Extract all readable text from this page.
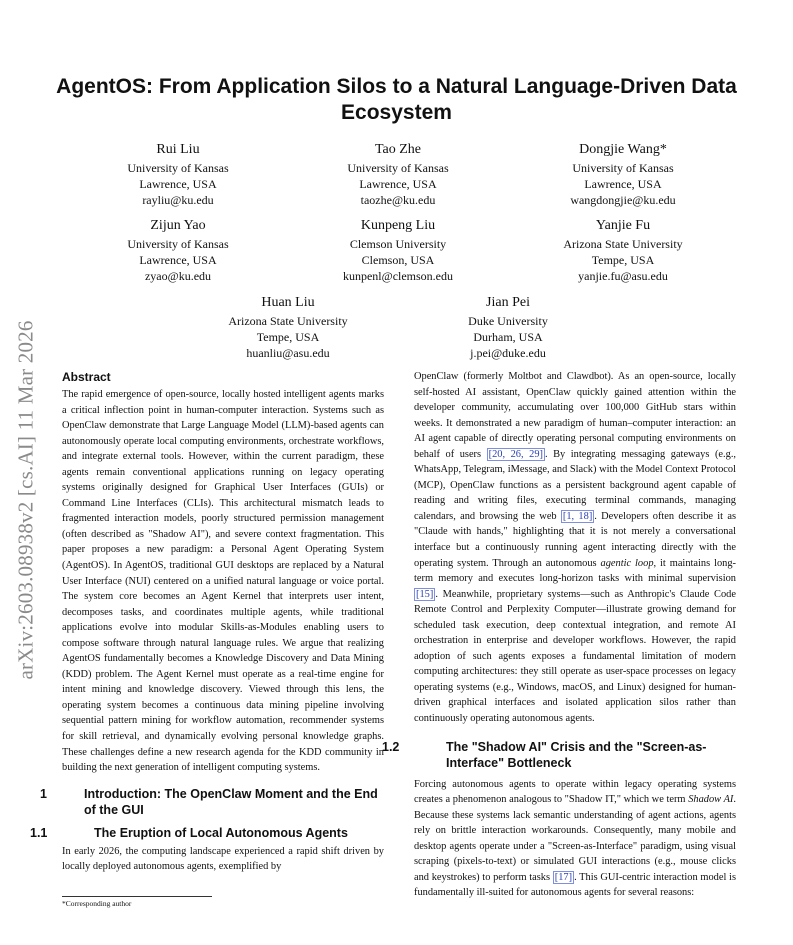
arXiv:2603.08938v2 [cs.AI] 11 Mar 2026
AgentOS: From Application Silos to a Natural Language-Driven Data Ecosystem
Rui Liu
University of Kansas
Lawrence, USA
rayliu@ku.edu
Tao Zhe
University of Kansas
Lawrence, USA
taozhe@ku.edu
Dongjie Wang*
University of Kansas
Lawrence, USA
wangdongjie@ku.edu
Zijun Yao
University of Kansas
Lawrence, USA
zyao@ku.edu
Kunpeng Liu
Clemson University
Clemson, USA
kunpenl@clemson.edu
Yanjie Fu
Arizona State University
Tempe, USA
yanjie.fu@asu.edu
Huan Liu
Arizona State University
Tempe, USA
huanliu@asu.edu
Jian Pei
Duke University
Durham, USA
j.pei@duke.edu
Abstract

The rapid emergence of open-source, locally hosted intelligent agents marks a critical inflection point in human-computer interaction. Systems such as OpenClaw demonstrate that Large Language Model (LLM)-based agents can autonomously operate local computing environments, orchestrate workflows, and integrate external tools. However, within the current paradigm, these agents remain conventional applications running on legacy operating systems originally designed for Graphical User Interfaces (GUIs) or Command Line Interfaces (CLIs). This architectural mismatch leads to fragmented interaction models, poorly structured permission management (often described as "Shadow AI"), and severe context fragmentation. This paper proposes a new paradigm: a Personal Agent Operating System (AgentOS). In AgentOS, traditional GUI desktops are replaced by a Natural User Interface (NUI) centered on a unified natural language or voice portal. The system core becomes an Agent Kernel that interprets user intent, decomposes tasks, and coordinates multiple agents, while traditional applications evolve into modular Skills-as-Modules enabling users to compose software through natural language rules. We argue that realizing AgentOS fundamentally becomes a Knowledge Discovery and Data Mining (KDD) problem. The Agent Kernel must operate as a real-time engine for intent mining and knowledge discovery. Viewed through this lens, the operating system becomes a continuous data mining pipeline involving sequential pattern mining for workflow automation, recommender systems for skill retrieval, and dynamically evolving personal knowledge graphs. These challenges define a new research agenda for the KDD community in building the next generation of intelligent computing systems.

1	Introduction: The OpenClaw Moment and the End of the GUI
1.1	The Eruption of Local Autonomous Agents

In early 2026, the computing landscape experienced a rapid shift driven by locally deployed autonomous agents, exemplified by

*Corresponding author

OpenClaw (formerly Moltbot and Clawdbot). As an open-source, locally self-hosted AI assistant, OpenClaw quickly gained attention within the developer community, accumulating over 100,000 GitHub stars within weeks. It demonstrated a new paradigm of human–computer interaction: an AI agent capable of directly operating personal computing environments on behalf of users [20, 26, 29] . By integrating messaging gateways (e.g., WhatsApp, Telegram, iMessage, and Slack) with the Model Context Protocol (MCP), OpenClaw functions as a persistent background agent capable of reading and writing files, executing terminal commands, managing calendars, and browsing the web [1, 18] . Developers often describe it as "Claude with hands," highlighting that it is not merely a conversational interface but a continuously running agent interacting directly with the operating system. Through an autonomous agentic loop, it maintains long-term memory and executes long-horizon tasks with minimal supervision [15] . Meanwhile, proprietary systems—such as Anthropic's Claude Code Remote Control and Perplexity Computer—illustrate growing demand for scheduled task execution, deep contextual integration, and remote AI orchestration in enterprise and developer workflows. However, the rapid adoption of such agents exposes a fundamental limitation of modern computing architectures: they still operate as user-space processes on legacy operating systems (e.g., Windows, macOS, and Linux) designed for human-driven graphical interfaces and isolated application silos rather than continuously operating autonomous agents.

1.2	The "Shadow AI" Crisis and the "Screen-as-Interface" Bottleneck

Forcing autonomous agents to operate within legacy operating systems creates a phenomenon analogous to "Shadow IT," which we term Shadow AI. Because these systems lack semantic understanding of agent actions, agents rely on brittle interaction workarounds. Consequently, many mobile and desktop agents operate under a "Screen-as-Interface" paradigm, using visual scraping (pixels-to-text) or simulated GUI interactions (e.g., mouse clicks and keystrokes) to perform tasks [17] . This GUI-centric interaction model is fundamentally ill-suited for autonomous agents for several reasons:
